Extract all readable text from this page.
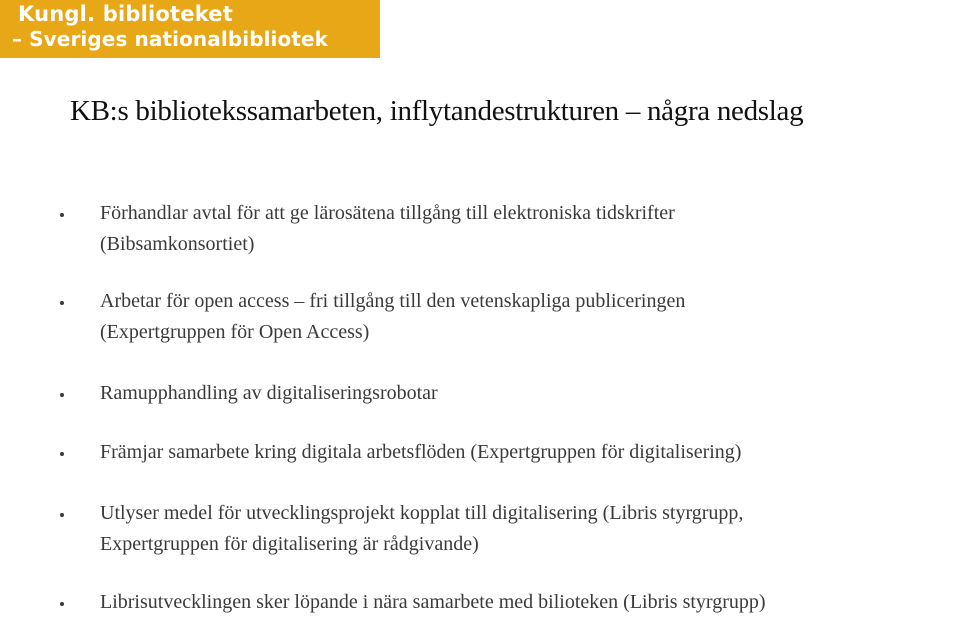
Kungl. biblioteket
– Sveriges nationalbibliotek
KB:s bibliotekssamarbeten, inflytandestrukturen – några nedslag
Förhandlar avtal för att ge lärosätena tillgång till elektroniska tidskrifter
(Bibsamkonsortiet)
Arbetar för open access – fri tillgång till den vetenskapliga publiceringen
(Expertgruppen för Open Access)
Ramupphandling av digitaliseringsrobotar
Främjar samarbete kring digitala arbetsflöden (Expertgruppen för digitalisering)
Utlyser medel för utvecklingsprojekt kopplat till digitalisering (Libris styrgrupp,
Expertgruppen för digitalisering är rådgivande)
Librisutvecklingen sker löpande i nära samarbete med bilioteken (Libris styrgrupp)
